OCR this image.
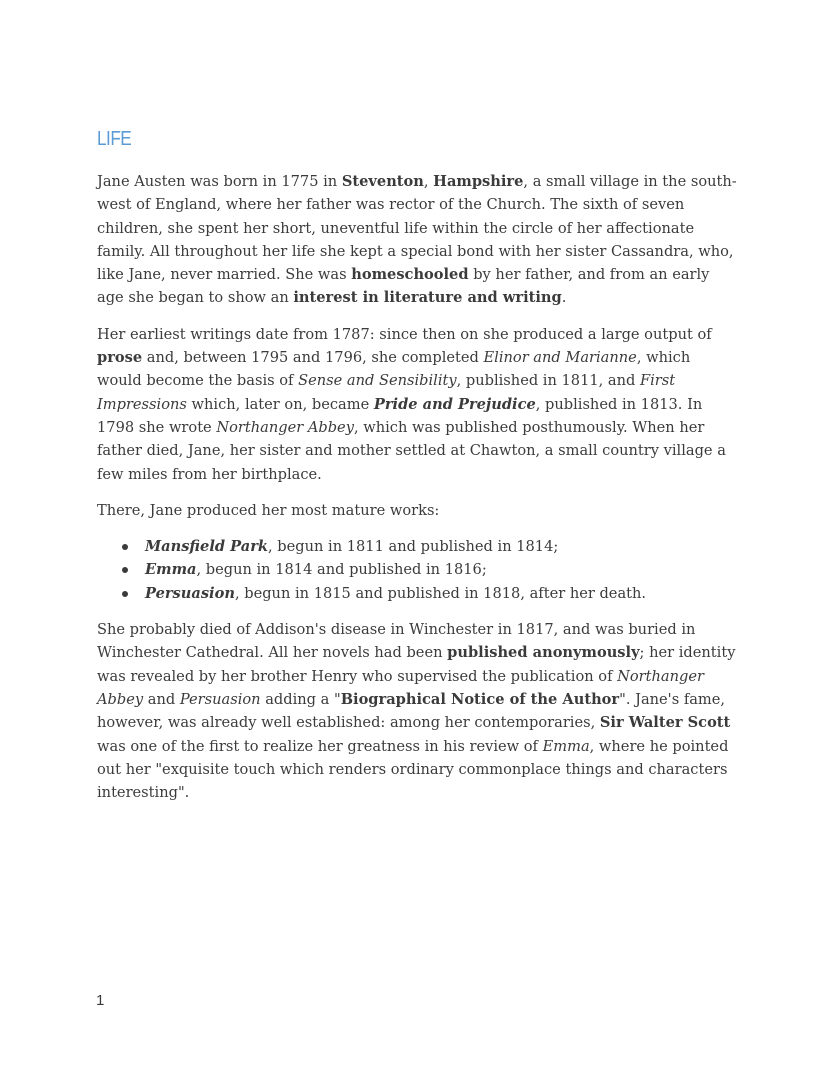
LIFE

Jane Austen was born in 1775 in Steventon, Hampshire, a small village in the south-west of England, where her father was rector of the Church. The sixth of seven children, she spent her short, uneventful life within the circle of her affectionate family. All throughout her life she kept a special bond with her sister Cassandra, who, like Jane, never married. She was homeschooled by her father, and from an early age she began to show an interest in literature and writing.

Her earliest writings date from 1787: since then on she produced a large output of prose and, between 1795 and 1796, she completed Elinor and Marianne, which would become the basis of Sense and Sensibility, published in 1811, and First Impressions which, later on, became Pride and Prejudice, published in 1813. In 1798 she wrote Northanger Abbey, which was published posthumously. When her father died, Jane, her sister and mother settled at Chawton, a small country village a few miles from her birthplace.

There, Jane produced her most mature works:

Mansfield Park, begun in 1811 and published in 1814;
Emma, begun in 1814 and published in 1816;
Persuasion, begun in 1815 and published in 1818, after her death.

She probably died of Addison's disease in Winchester in 1817, and was buried in Winchester Cathedral. All her novels had been published anonymously; her identity was revealed by her brother Henry who supervised the publication of Northanger Abbey and Persuasion adding a "Biographical Notice of the Author". Jane's fame, however, was already well established: among her contemporaries, Sir Walter Scott was one of the first to realize her greatness in his review of Emma, where he pointed out her "exquisite touch which renders ordinary commonplace things and characters interesting".

1
